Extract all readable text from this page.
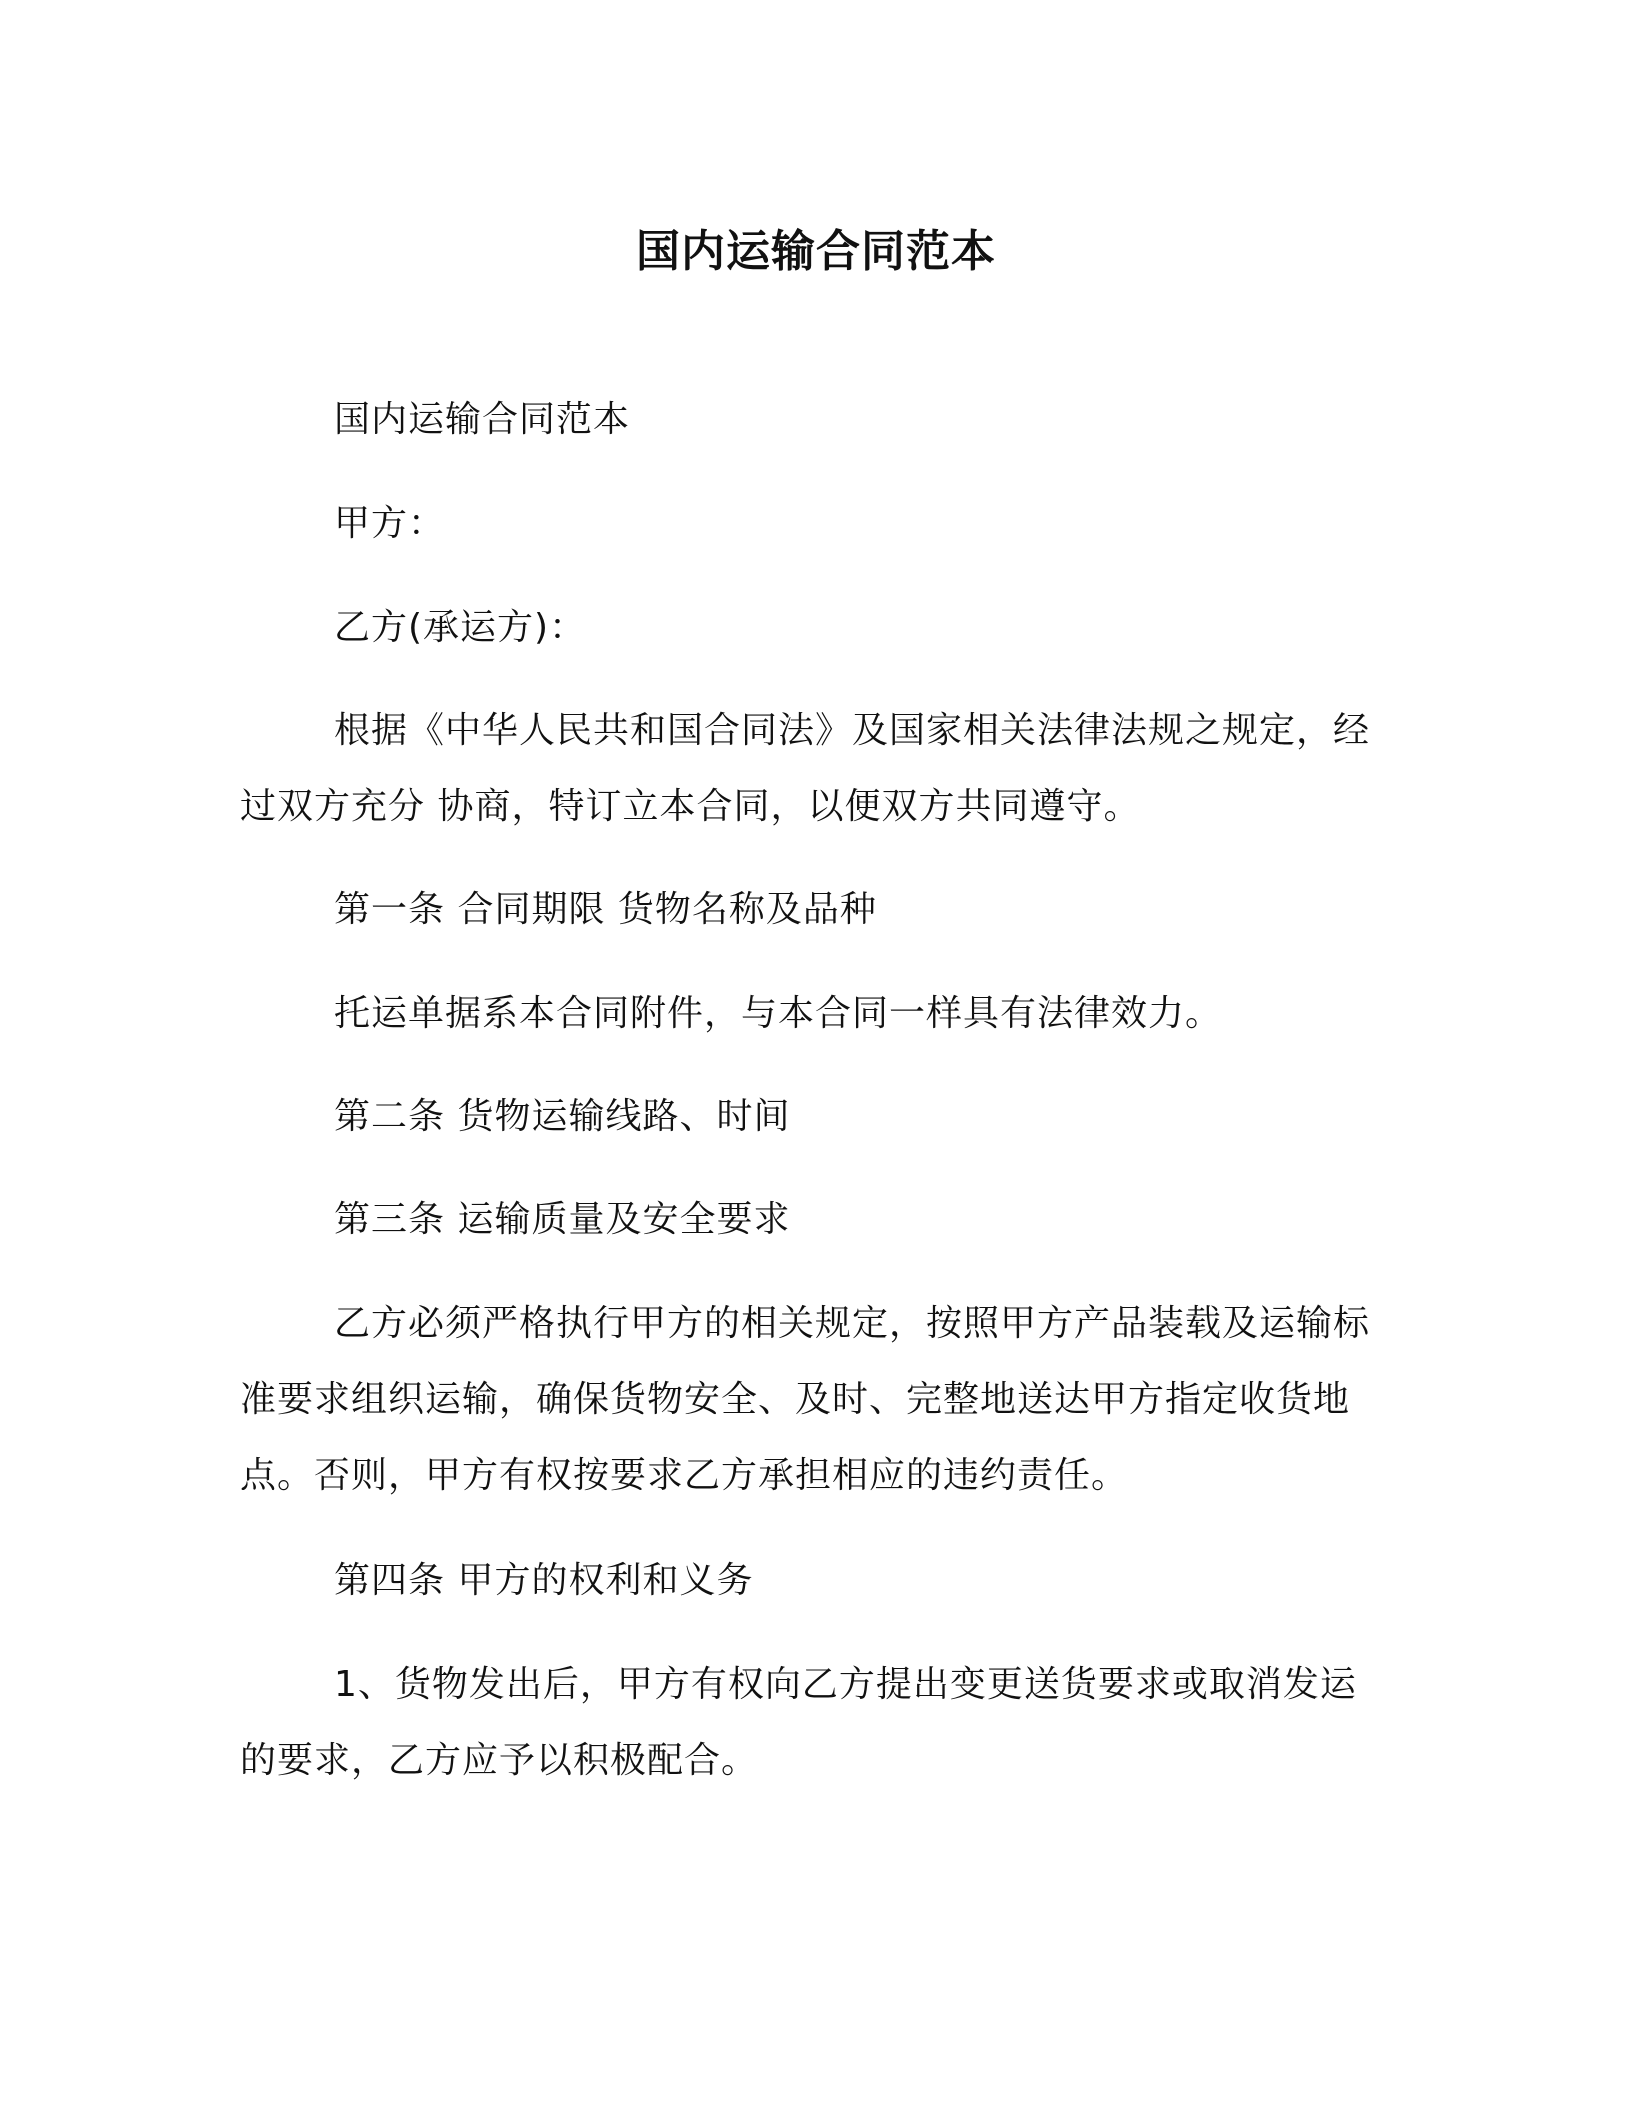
国内运输合同范本
国内运输合同范本
甲方：
乙方(承运方)：
根据《中华人民共和国合同法》及国家相关法律法规之规定，经
过双方充分 协商，特订立本合同，以便双方共同遵守。
第一条 合同期限 货物名称及品种
托运单据系本合同附件，与本合同一样具有法律效力。
第二条 货物运输线路、时间
第三条 运输质量及安全要求
乙方必须严格执行甲方的相关规定，按照甲方产品装载及运输标
准要求组织运输，确保货物安全、及时、完整地送达甲方指定收货地
点。否则，甲方有权按要求乙方承担相应的违约责任。
第四条 甲方的权利和义务
1、货物发出后，甲方有权向乙方提出变更送货要求或取消发运
的要求，乙方应予以积极配合。
